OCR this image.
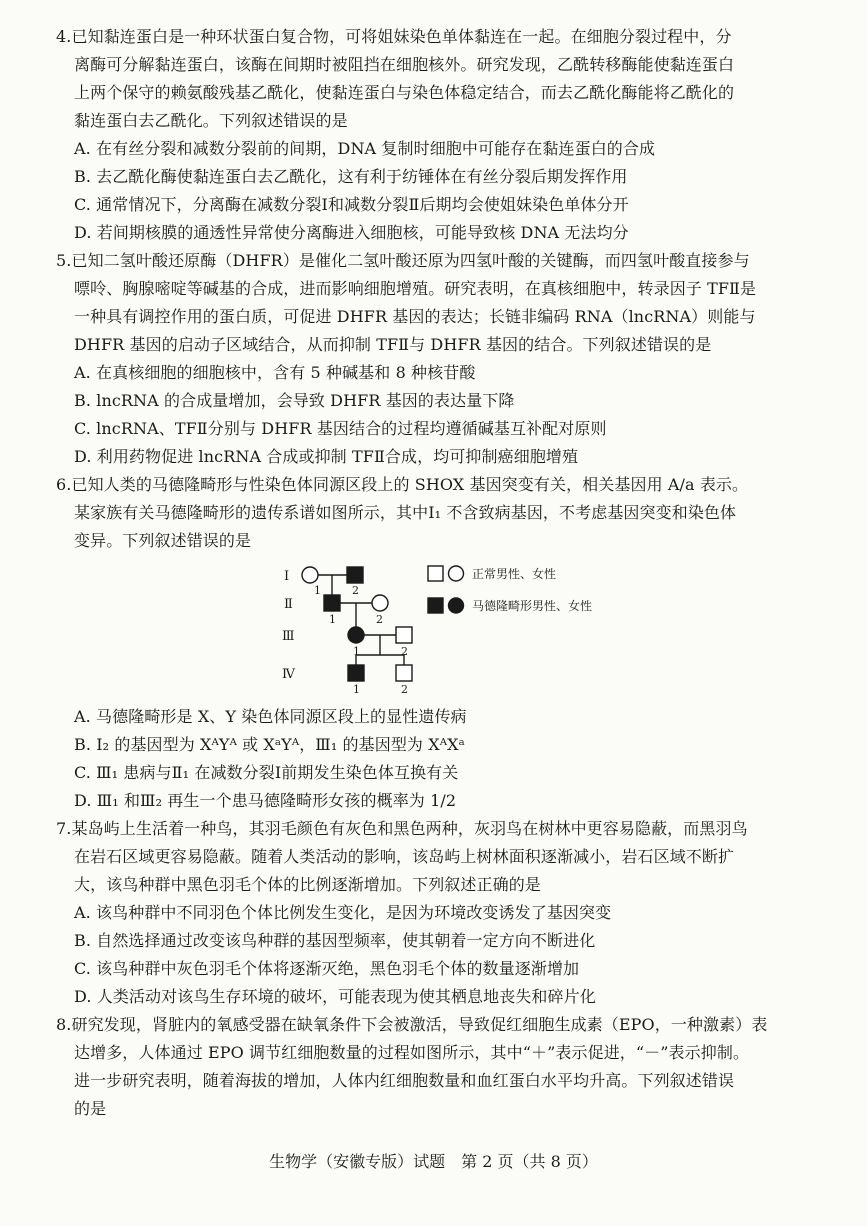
4.已知黏连蛋白是一种环状蛋白复合物，可将姐妹染色单体黏连在一起。在细胞分裂过程中，分
离酶可分解黏连蛋白，该酶在间期时被阻挡在细胞核外。研究发现，乙酰转移酶能使黏连蛋白
上两个保守的赖氨酸残基乙酰化，使黏连蛋白与染色体稳定结合，而去乙酰化酶能将乙酰化的
黏连蛋白去乙酰化。下列叙述错误的是
A. 在有丝分裂和减数分裂前的间期，DNA 复制时细胞中可能存在黏连蛋白的合成
B. 去乙酰化酶使黏连蛋白去乙酰化，这有利于纺锤体在有丝分裂后期发挥作用
C. 通常情况下，分离酶在减数分裂Ⅰ和减数分裂Ⅱ后期均会使姐妹染色单体分开
D. 若间期核膜的通透性异常使分离酶进入细胞核，可能导致核 DNA 无法均分
5.已知二氢叶酸还原酶（DHFR）是催化二氢叶酸还原为四氢叶酸的关键酶，而四氢叶酸直接参与
嘌呤、胸腺嘧啶等碱基的合成，进而影响细胞增殖。研究表明，在真核细胞中，转录因子 TFⅡ是
一种具有调控作用的蛋白质，可促进 DHFR 基因的表达；长链非编码 RNA（lncRNA）则能与
DHFR 基因的启动子区域结合，从而抑制 TFⅡ与 DHFR 基因的结合。下列叙述错误的是
A. 在真核细胞的细胞核中，含有 5 种碱基和 8 种核苷酸
B. lncRNA 的合成量增加，会导致 DHFR 基因的表达量下降
C. lncRNA、TFⅡ分别与 DHFR 基因结合的过程均遵循碱基互补配对原则
D. 利用药物促进 lncRNA 合成或抑制 TFⅡ合成，均可抑制癌细胞增殖
6.已知人类的马德隆畸形与性染色体同源区段上的 SHOX 基因突变有关，相关基因用 A/a 表示。
某家族有关马德隆畸形的遗传系谱如图所示，其中Ⅰ₁ 不含致病基因，不考虑基因突变和染色体
变异。下列叙述错误的是
Ⅰ
Ⅱ
Ⅲ
Ⅳ
1	2
1	2
1	2
1	2
正常男性、女性
马德隆畸形男性、女性
A. 马德隆畸形是 X、Y 染色体同源区段上的显性遗传病
B. Ⅰ₂ 的基因型为 XᴬYᴬ 或 XᵃYᴬ，Ⅲ₁ 的基因型为 XᴬXᵃ
C. Ⅲ₁ 患病与Ⅱ₁ 在减数分裂Ⅰ前期发生染色体互换有关
D. Ⅲ₁ 和Ⅲ₂ 再生一个患马德隆畸形女孩的概率为 1/2
7.某岛屿上生活着一种鸟，其羽毛颜色有灰色和黑色两种，灰羽鸟在树林中更容易隐蔽，而黑羽鸟
在岩石区域更容易隐蔽。随着人类活动的影响，该岛屿上树林面积逐渐减小，岩石区域不断扩
大，该鸟种群中黑色羽毛个体的比例逐渐增加。下列叙述正确的是
A. 该鸟种群中不同羽色个体比例发生变化，是因为环境改变诱发了基因突变
B. 自然选择通过改变该鸟种群的基因型频率，使其朝着一定方向不断进化
C. 该鸟种群中灰色羽毛个体将逐渐灭绝，黑色羽毛个体的数量逐渐增加
D. 人类活动对该鸟生存环境的破坏，可能表现为使其栖息地丧失和碎片化
8.研究发现，肾脏内的氧感受器在缺氧条件下会被激活，导致促红细胞生成素（EPO，一种激素）表
达增多，人体通过 EPO 调节红细胞数量的过程如图所示，其中“＋”表示促进，“－”表示抑制。
进一步研究表明，随着海拔的增加，人体内红细胞数量和血红蛋白水平均升高。下列叙述错误
的是
生物学（安徽专版）试题　第 2 页（共 8 页）
